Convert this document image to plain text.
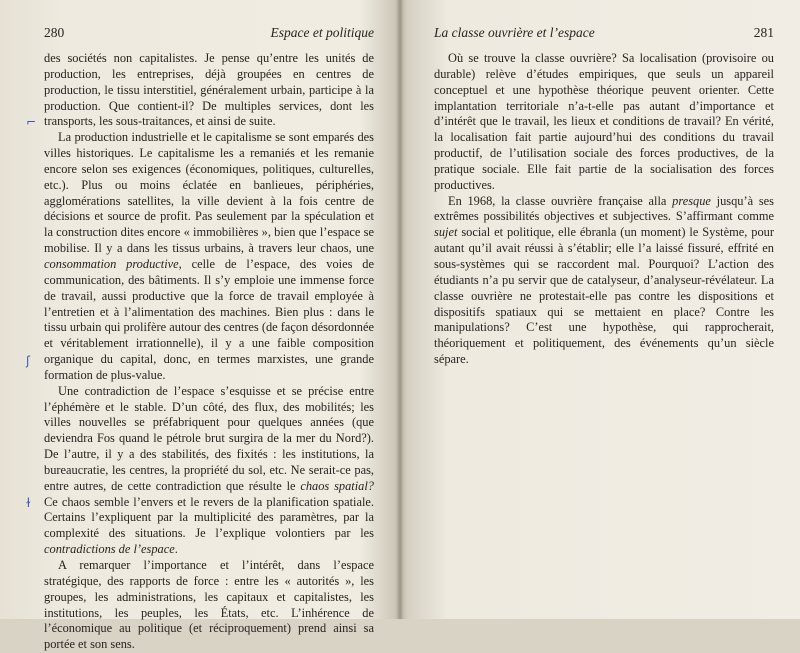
280	Espace et politique

des sociétés non capitalistes. Je pense qu’entre les unités de production, les entreprises, déjà groupées en centres de production, le tissu interstitiel, généralement urbain, participe à la production. Que contient-il? De multiples services, dont les transports, les sous-traitances, et ainsi de suite.

La production industrielle et le capitalisme se sont emparés des villes historiques. Le capitalisme les a remaniés et les remanie encore selon ses exigences (économiques, politiques, culturelles, etc.). Plus ou moins éclatée en banlieues, périphéries, agglomérations satellites, la ville devient à la fois centre de décisions et source de profit. Pas seulement par la spéculation et la construction dites encore « immobilières », bien que l’espace se mobilise. Il y a dans les tissus urbains, à travers leur chaos, une consommation productive, celle de l’espace, des voies de communication, des bâtiments. Il s’y emploie une immense force de travail, aussi productive que la force de travail employée à l’entretien et à l’alimentation des machines. Bien plus : dans le tissu urbain qui prolifère autour des centres (de façon désordonnée et véritablement irrationnelle), il y a une faible composition organique du capital, donc, en termes marxistes, une grande formation de plus-value.

Une contradiction de l’espace s’esquisse et se précise entre l’éphémère et le stable. D’un côté, des flux, des mobilités; les villes nouvelles se préfabriquent pour quelques années (que deviendra Fos quand le pétrole brut surgira de la mer du Nord?). De l’autre, il y a des stabilités, des fixités : les institutions, la bureaucratie, les centres, la propriété du sol, etc. Ne serait-ce pas, entre autres, de cette contradiction que résulte le chaos spatial? Ce chaos semble l’envers et le revers de la planification spatiale. Certains l’expliquent par la multiplicité des paramètres, par la complexité des situations. Je l’explique volontiers par les contradictions de l’espace.

A remarquer l’importance et l’intérêt, dans l’espace stratégique, des rapports de force : entre les « autorités », les groupes, les administrations, les capitaux et capitalistes, les institutions, les peuples, les États, etc. L’inhérence de l’économique au politique (et réciproquement) prend ainsi sa portée et son sens.

⌐
ʃ
ɫ
La classe ouvrière et l’espace	281

Où se trouve la classe ouvrière? Sa localisation (provisoire ou durable) relève d’études empiriques, que seuls un appareil conceptuel et une hypothèse théorique peuvent orienter. Cette implantation territoriale n’a-t-elle pas autant d’importance et d’intérêt que le travail, les lieux et conditions de travail? En vérité, la localisation fait partie aujourd’hui des conditions du travail productif, de l’utilisation sociale des forces productives, de la pratique sociale. Elle fait partie de la socialisation des forces productives.

En 1968, la classe ouvrière française alla presque jusqu’à ses extrêmes possibilités objectives et subjectives. S’affirmant comme sujet social et politique, elle ébranla (un moment) le Système, pour autant qu’il avait réussi à s’établir; elle l’a laissé fissuré, effrité en sous-systèmes qui se raccordent mal. Pourquoi? L’action des étudiants n’a pu servir que de catalyseur, d’analyseur-révélateur. La classe ouvrière ne protestait-elle pas contre les dispositions et dispositifs spatiaux qui se mettaient en place? Contre les manipulations? C’est une hypothèse, qui rapprocherait, théoriquement et politiquement, des événements qu’un siècle sépare.
